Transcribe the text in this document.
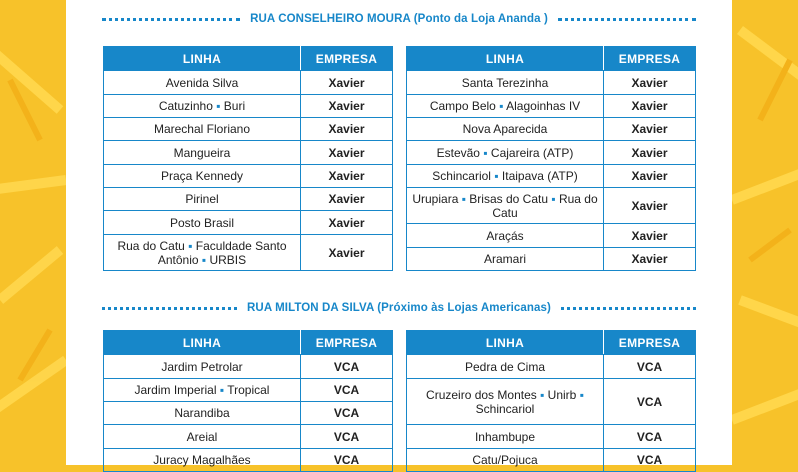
RUA CONSELHEIRO MOURA (Ponto da Loja Ananda )
LINHA	EMPRESA
Avenida Silva	Xavier
Catuzinho ▪ Buri	Xavier
Marechal Floriano	Xavier
Mangueira	Xavier
Praça Kennedy	Xavier
Pirinel	Xavier
Posto Brasil	Xavier
Rua do Catu ▪ Faculdade Santo Antônio ▪ URBIS	Xavier
LINHA	EMPRESA
Santa Terezinha	Xavier
Campo Belo ▪ Alagoinhas IV	Xavier
Nova Aparecida	Xavier
Estevão ▪ Cajareira (ATP)	Xavier
Schincariol ▪ Itaipava (ATP)	Xavier
Urupiara ▪ Brisas do Catu ▪ Rua do Catu	Xavier
Araçás	Xavier
Aramari	Xavier
RUA MILTON DA SILVA (Próximo às Lojas Americanas)
LINHA	EMPRESA
Jardim Petrolar	VCA
Jardim Imperial ▪ Tropical	VCA
Narandiba	VCA
Areial	VCA
Juracy Magalhães	VCA
LINHA	EMPRESA
Pedra de Cima	VCA
Cruzeiro dos Montes ▪ Unirb ▪ Schincariol	VCA
Inhambupe	VCA
Catu/Pojuca	VCA
